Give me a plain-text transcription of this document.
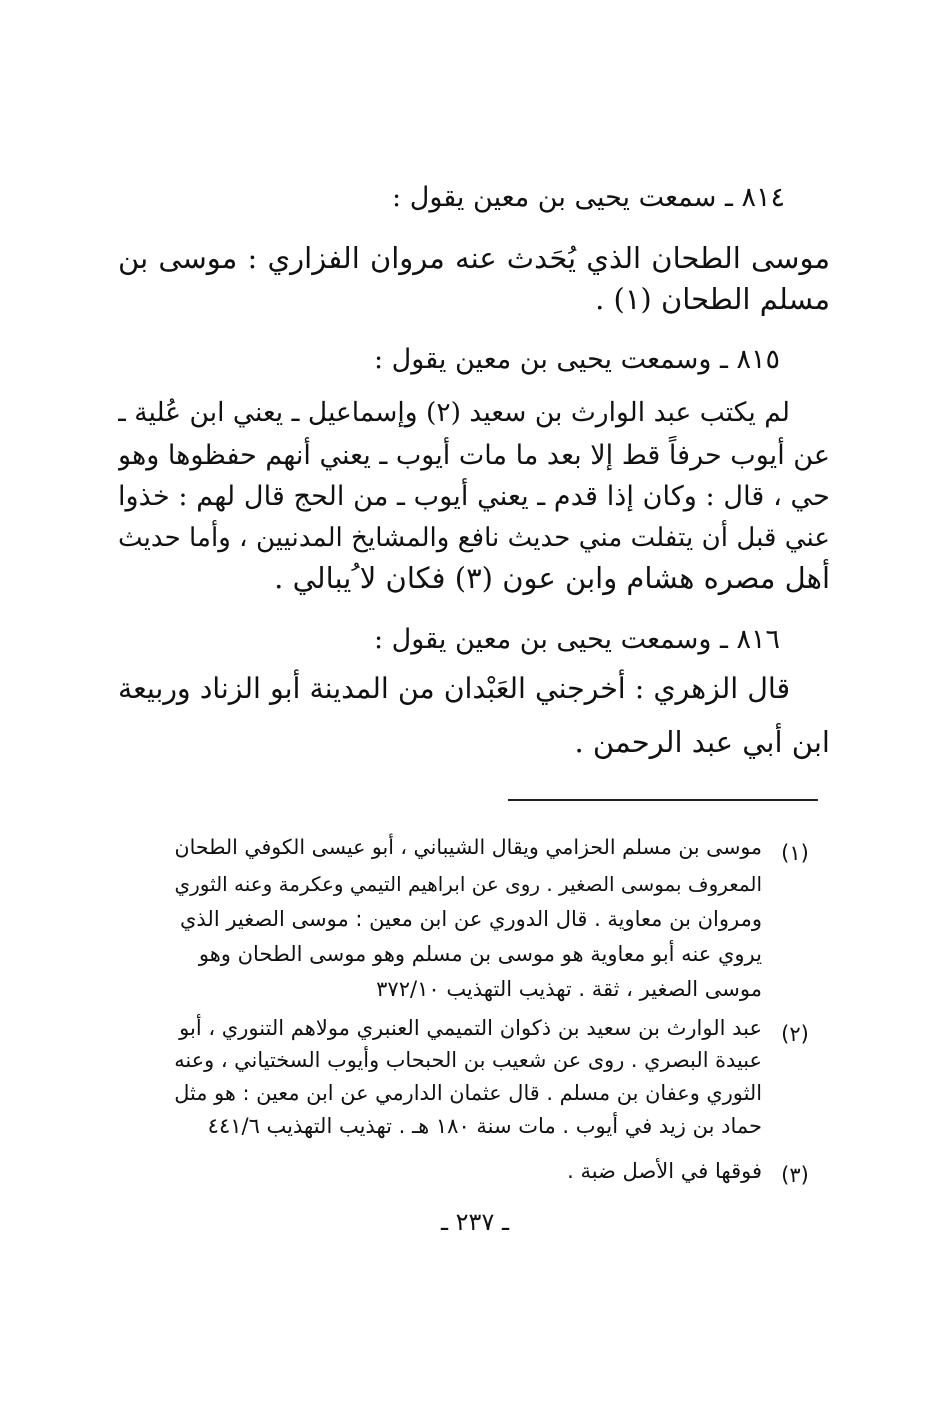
٨١٤ ـ سمعت يحيى بن معين يقول :
موسى الطحان الذي يُحَدث عنه مروان الفزاري : موسى بن
مسلم الطحان (١) .
٨١٥ ـ وسمعت يحيى بن معين يقول :
لم يكتب عبد الوارث بن سعيد (٢) وإسماعيل ـ يعني ابن عُلية ـ
عن أيوب حرفاً قط إلا بعد ما مات أيوب ـ يعني أنهم حفظوها وهو
حي ، قال : وكان إذا قدم ـ يعني أيوب ـ من الحج قال لهم : خذوا
عني قبل أن يتفلت مني حديث نافع والمشايخ المدنيين ، وأما حديث
أهل مصره هشام وابن عون (٣) فكان لا ُيبالي .
٨١٦ ـ وسمعت يحيى بن معين يقول :
قال الزهري : أخرجني العَبْدان من المدينة أبو الزناد وربيعة
ابن أبي عبد الرحمن .
(١)
موسى بن مسلم الحزامي ويقال الشيباني ، أبو عيسى الكوفي الطحان
المعروف بموسى الصغير . روى عن ابراهيم التيمي وعكرمة وعنه الثوري
ومروان بن معاوية . قال الدوري عن ابن معين : موسى الصغير الذي
يروي عنه أبو معاوية هو موسى بن مسلم وهو موسى الطحان وهو
موسى الصغير ، ثقة . تهذيب التهذيب ٣٧٢/١٠
(٢)
عبد الوارث بن سعيد بن ذكوان التميمي العنبري مولاهم التنوري ، أبو
عبيدة البصري . روى عن شعيب بن الحبحاب وأيوب السختياني ، وعنه
الثوري وعفان بن مسلم . قال عثمان الدارمي عن ابن معين : هو مثل
حماد بن زيد في أيوب . مات سنة ١٨٠ هـ . تهذيب التهذيب ٤٤١/٦
(٣)
فوقها في الأصل ضبة .
ـ ٢٣٧ ـ
